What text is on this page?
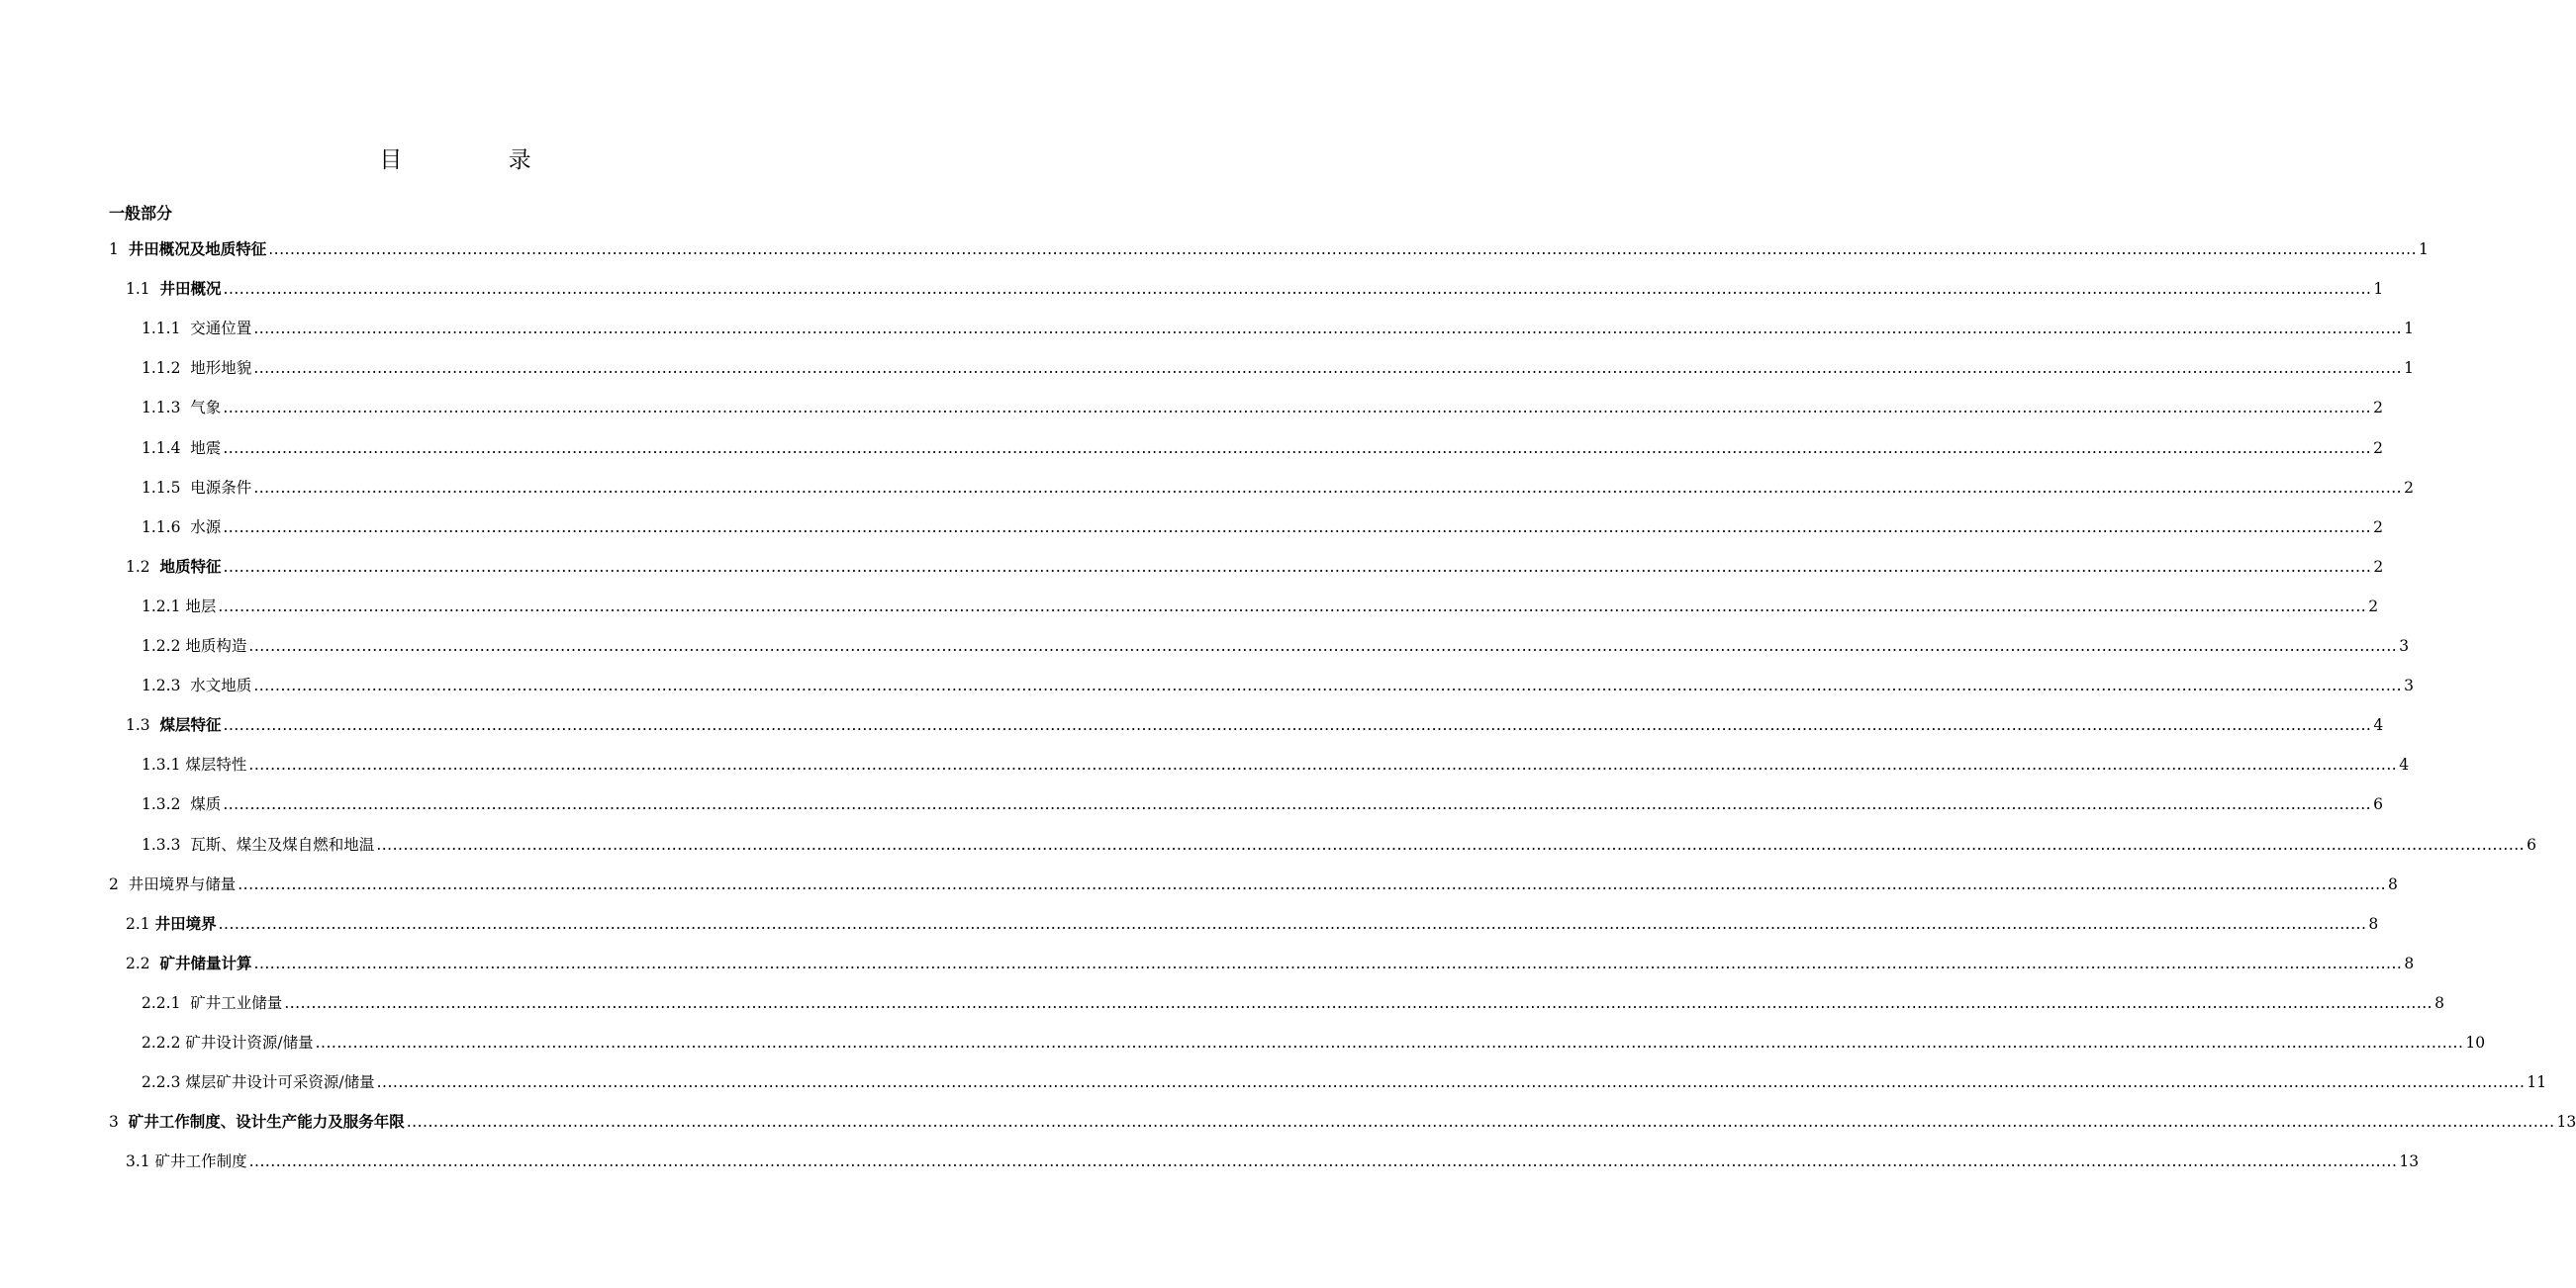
目 录
一般部分
1 井田概况及地质特征 ................................................................................................................................................................................................................................................................................................................................................................................................................ 1
1.1 井田概况 ................................................................................................................................................................................................................................................................................................................................................................................................................ 1
1.1.1 交通位置 ................................................................................................................................................................................................................................................................................................................................................................................................................ 1
1.1.2 地形地貌 ................................................................................................................................................................................................................................................................................................................................................................................................................ 1
1.1.3 气象 ................................................................................................................................................................................................................................................................................................................................................................................................................ 2
1.1.4 地震 ................................................................................................................................................................................................................................................................................................................................................................................................................ 2
1.1.5 电源条件 ................................................................................................................................................................................................................................................................................................................................................................................................................ 2
1.1.6 水源 ................................................................................................................................................................................................................................................................................................................................................................................................................ 2
1.2 地质特征 ................................................................................................................................................................................................................................................................................................................................................................................................................ 2
1.2.1 地层 ................................................................................................................................................................................................................................................................................................................................................................................................................ 2
1.2.2 地质构造 ................................................................................................................................................................................................................................................................................................................................................................................................................ 3
1.2.3 水文地质 ................................................................................................................................................................................................................................................................................................................................................................................................................ 3
1.3 煤层特征 ................................................................................................................................................................................................................................................................................................................................................................................................................ 4
1.3.1 煤层特性 ................................................................................................................................................................................................................................................................................................................................................................................................................ 4
1.3.2 煤质 ................................................................................................................................................................................................................................................................................................................................................................................................................ 6
1.3.3 瓦斯、煤尘及煤自燃和地温 ................................................................................................................................................................................................................................................................................................................................................................................................................ 6
2 井田境界与储量 ................................................................................................................................................................................................................................................................................................................................................................................................................ 8
2.1 井田境界 ................................................................................................................................................................................................................................................................................................................................................................................................................ 8
2.2 矿井储量计算 ................................................................................................................................................................................................................................................................................................................................................................................................................ 8
2.2.1 矿井工业储量 ................................................................................................................................................................................................................................................................................................................................................................................................................ 8
2.2.2 矿井设计资源/储量 ................................................................................................................................................................................................................................................................................................................................................................................................................ 10
2.2.3 煤层矿井设计可采资源/储量 ................................................................................................................................................................................................................................................................................................................................................................................................................ 11
3 矿井工作制度、设计生产能力及服务年限 ................................................................................................................................................................................................................................................................................................................................................................................................................ 13
3.1 矿井工作制度 ................................................................................................................................................................................................................................................................................................................................................................................................................ 13
